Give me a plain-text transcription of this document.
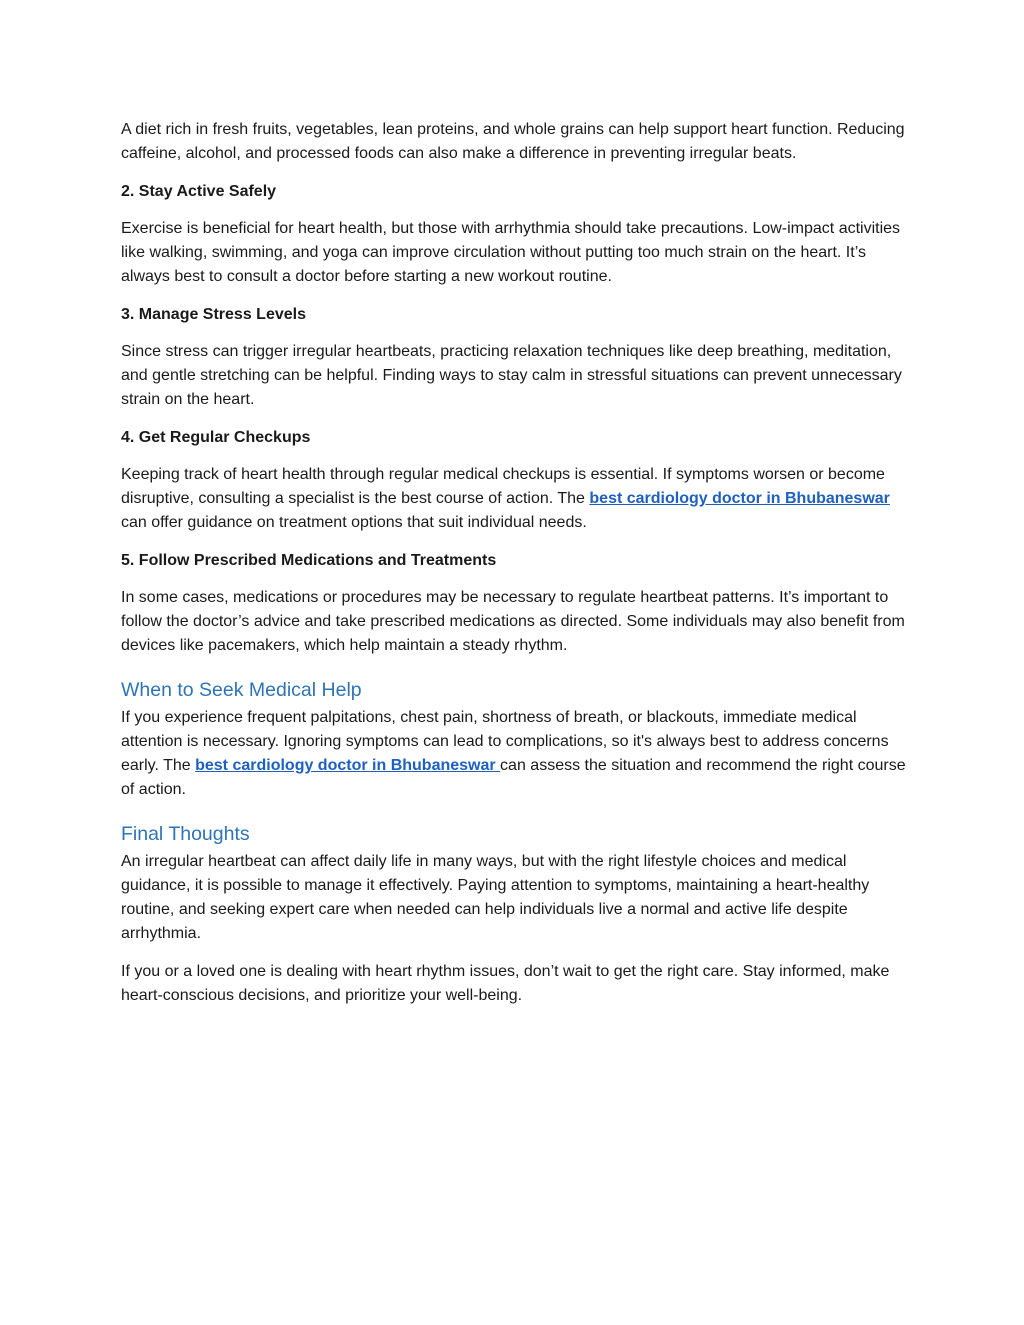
A diet rich in fresh fruits, vegetables, lean proteins, and whole grains can help support heart function. Reducing caffeine, alcohol, and processed foods can also make a difference in preventing irregular beats.

2. Stay Active Safely

Exercise is beneficial for heart health, but those with arrhythmia should take precautions. Low-impact activities like walking, swimming, and yoga can improve circulation without putting too much strain on the heart. It’s always best to consult a doctor before starting a new workout routine.

3. Manage Stress Levels

Since stress can trigger irregular heartbeats, practicing relaxation techniques like deep breathing, meditation, and gentle stretching can be helpful. Finding ways to stay calm in stressful situations can prevent unnecessary strain on the heart.

4. Get Regular Checkups

Keeping track of heart health through regular medical checkups is essential. If symptoms worsen or become disruptive, consulting a specialist is the best course of action. The best cardiology doctor in Bhubaneswar can offer guidance on treatment options that suit individual needs.

5. Follow Prescribed Medications and Treatments

In some cases, medications or procedures may be necessary to regulate heartbeat patterns. It’s important to follow the doctor’s advice and take prescribed medications as directed. Some individuals may also benefit from devices like pacemakers, which help maintain a steady rhythm.

When to Seek Medical Help

If you experience frequent palpitations, chest pain, shortness of breath, or blackouts, immediate medical attention is necessary. Ignoring symptoms can lead to complications, so it's always best to address concerns early. The best cardiology doctor in Bhubaneswar can assess the situation and recommend the right course of action.

Final Thoughts

An irregular heartbeat can affect daily life in many ways, but with the right lifestyle choices and medical guidance, it is possible to manage it effectively. Paying attention to symptoms, maintaining a heart-healthy routine, and seeking expert care when needed can help individuals live a normal and active life despite arrhythmia.

If you or a loved one is dealing with heart rhythm issues, don’t wait to get the right care. Stay informed, make heart-conscious decisions, and prioritize your well-being.
